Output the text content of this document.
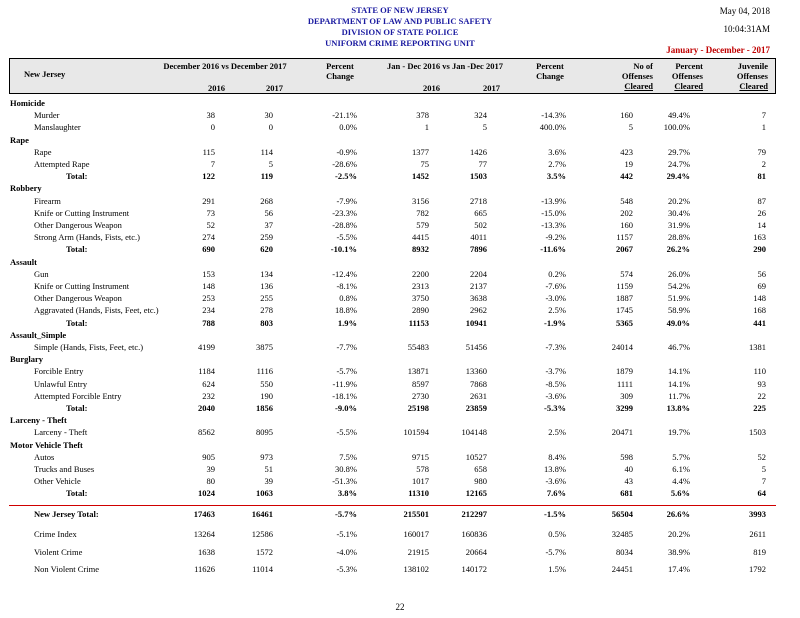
STATE OF NEW JERSEY
DEPARTMENT OF LAW AND PUBLIC SAFETY
DIVISION OF STATE POLICE
UNIFORM CRIME REPORTING UNIT
May 04, 2018
10:04:31AM
January - December - 2017
New Jersey
December 2016 vs December 2017
2016	2017
Percent
Change
Jan - Dec 2016 vs Jan -Dec 2017
2016	2017
Percent
Change
No of
Offenses
Cleared
Percent
Offenses
Cleared
Juvenile
Offenses
Cleared
Homicide
Murder	38	30	-21.1%	378	324	-14.3%	160	49.4%	7
Manslaughter	0	0	0.0%	1	5	400.0%	5	100.0%	1
Rape
Rape	115	114	-0.9%	1377	1426	3.6%	423	29.7%	79
Attempted Rape	7	5	-28.6%	75	77	2.7%	19	24.7%	2
Total:	122	119	-2.5%	1452	1503	3.5%	442	29.4%	81
Robbery
Firearm	291	268	-7.9%	3156	2718	-13.9%	548	20.2%	87
Knife or Cutting Instrument	73	56	-23.3%	782	665	-15.0%	202	30.4%	26
Other Dangerous Weapon	52	37	-28.8%	579	502	-13.3%	160	31.9%	14
Strong Arm (Hands, Fists, etc.)	274	259	-5.5%	4415	4011	-9.2%	1157	28.8%	163
Total:	690	620	-10.1%	8932	7896	-11.6%	2067	26.2%	290
Assault
Gun	153	134	-12.4%	2200	2204	0.2%	574	26.0%	56
Knife or Cutting Instrument	148	136	-8.1%	2313	2137	-7.6%	1159	54.2%	69
Other Dangerous Weapon	253	255	0.8%	3750	3638	-3.0%	1887	51.9%	148
Aggravated (Hands, Fists, Feet, etc.)	234	278	18.8%	2890	2962	2.5%	1745	58.9%	168
Total:	788	803	1.9%	11153	10941	-1.9%	5365	49.0%	441
Assault_Simple
Simple (Hands, Fists, Feet, etc.)	4199	3875	-7.7%	55483	51456	-7.3%	24014	46.7%	1381
Burglary
Forcible Entry	1184	1116	-5.7%	13871	13360	-3.7%	1879	14.1%	110
Unlawful Entry	624	550	-11.9%	8597	7868	-8.5%	1111	14.1%	93
Attempted Forcible Entry	232	190	-18.1%	2730	2631	-3.6%	309	11.7%	22
Total:	2040	1856	-9.0%	25198	23859	-5.3%	3299	13.8%	225
Larceny - Theft
Larceny - Theft	8562	8095	-5.5%	101594	104148	2.5%	20471	19.7%	1503
Motor Vehicle Theft
Autos	905	973	7.5%	9715	10527	8.4%	598	5.7%	52
Trucks and Buses	39	51	30.8%	578	658	13.8%	40	6.1%	5
Other Vehicle	80	39	-51.3%	1017	980	-3.6%	43	4.4%	7
Total:	1024	1063	3.8%	11310	12165	7.6%	681	5.6%	64
New Jersey Total:	17463	16461	-5.7%	215501	212297	-1.5%	56504	26.6%	3993
Crime Index	13264	12586	-5.1%	160017	160836	0.5%	32485	20.2%	2611
Violent Crime	1638	1572	-4.0%	21915	20664	-5.7%	8034	38.9%	819
Non Violent Crime	11626	11014	-5.3%	138102	140172	1.5%	24451	17.4%	1792
22
